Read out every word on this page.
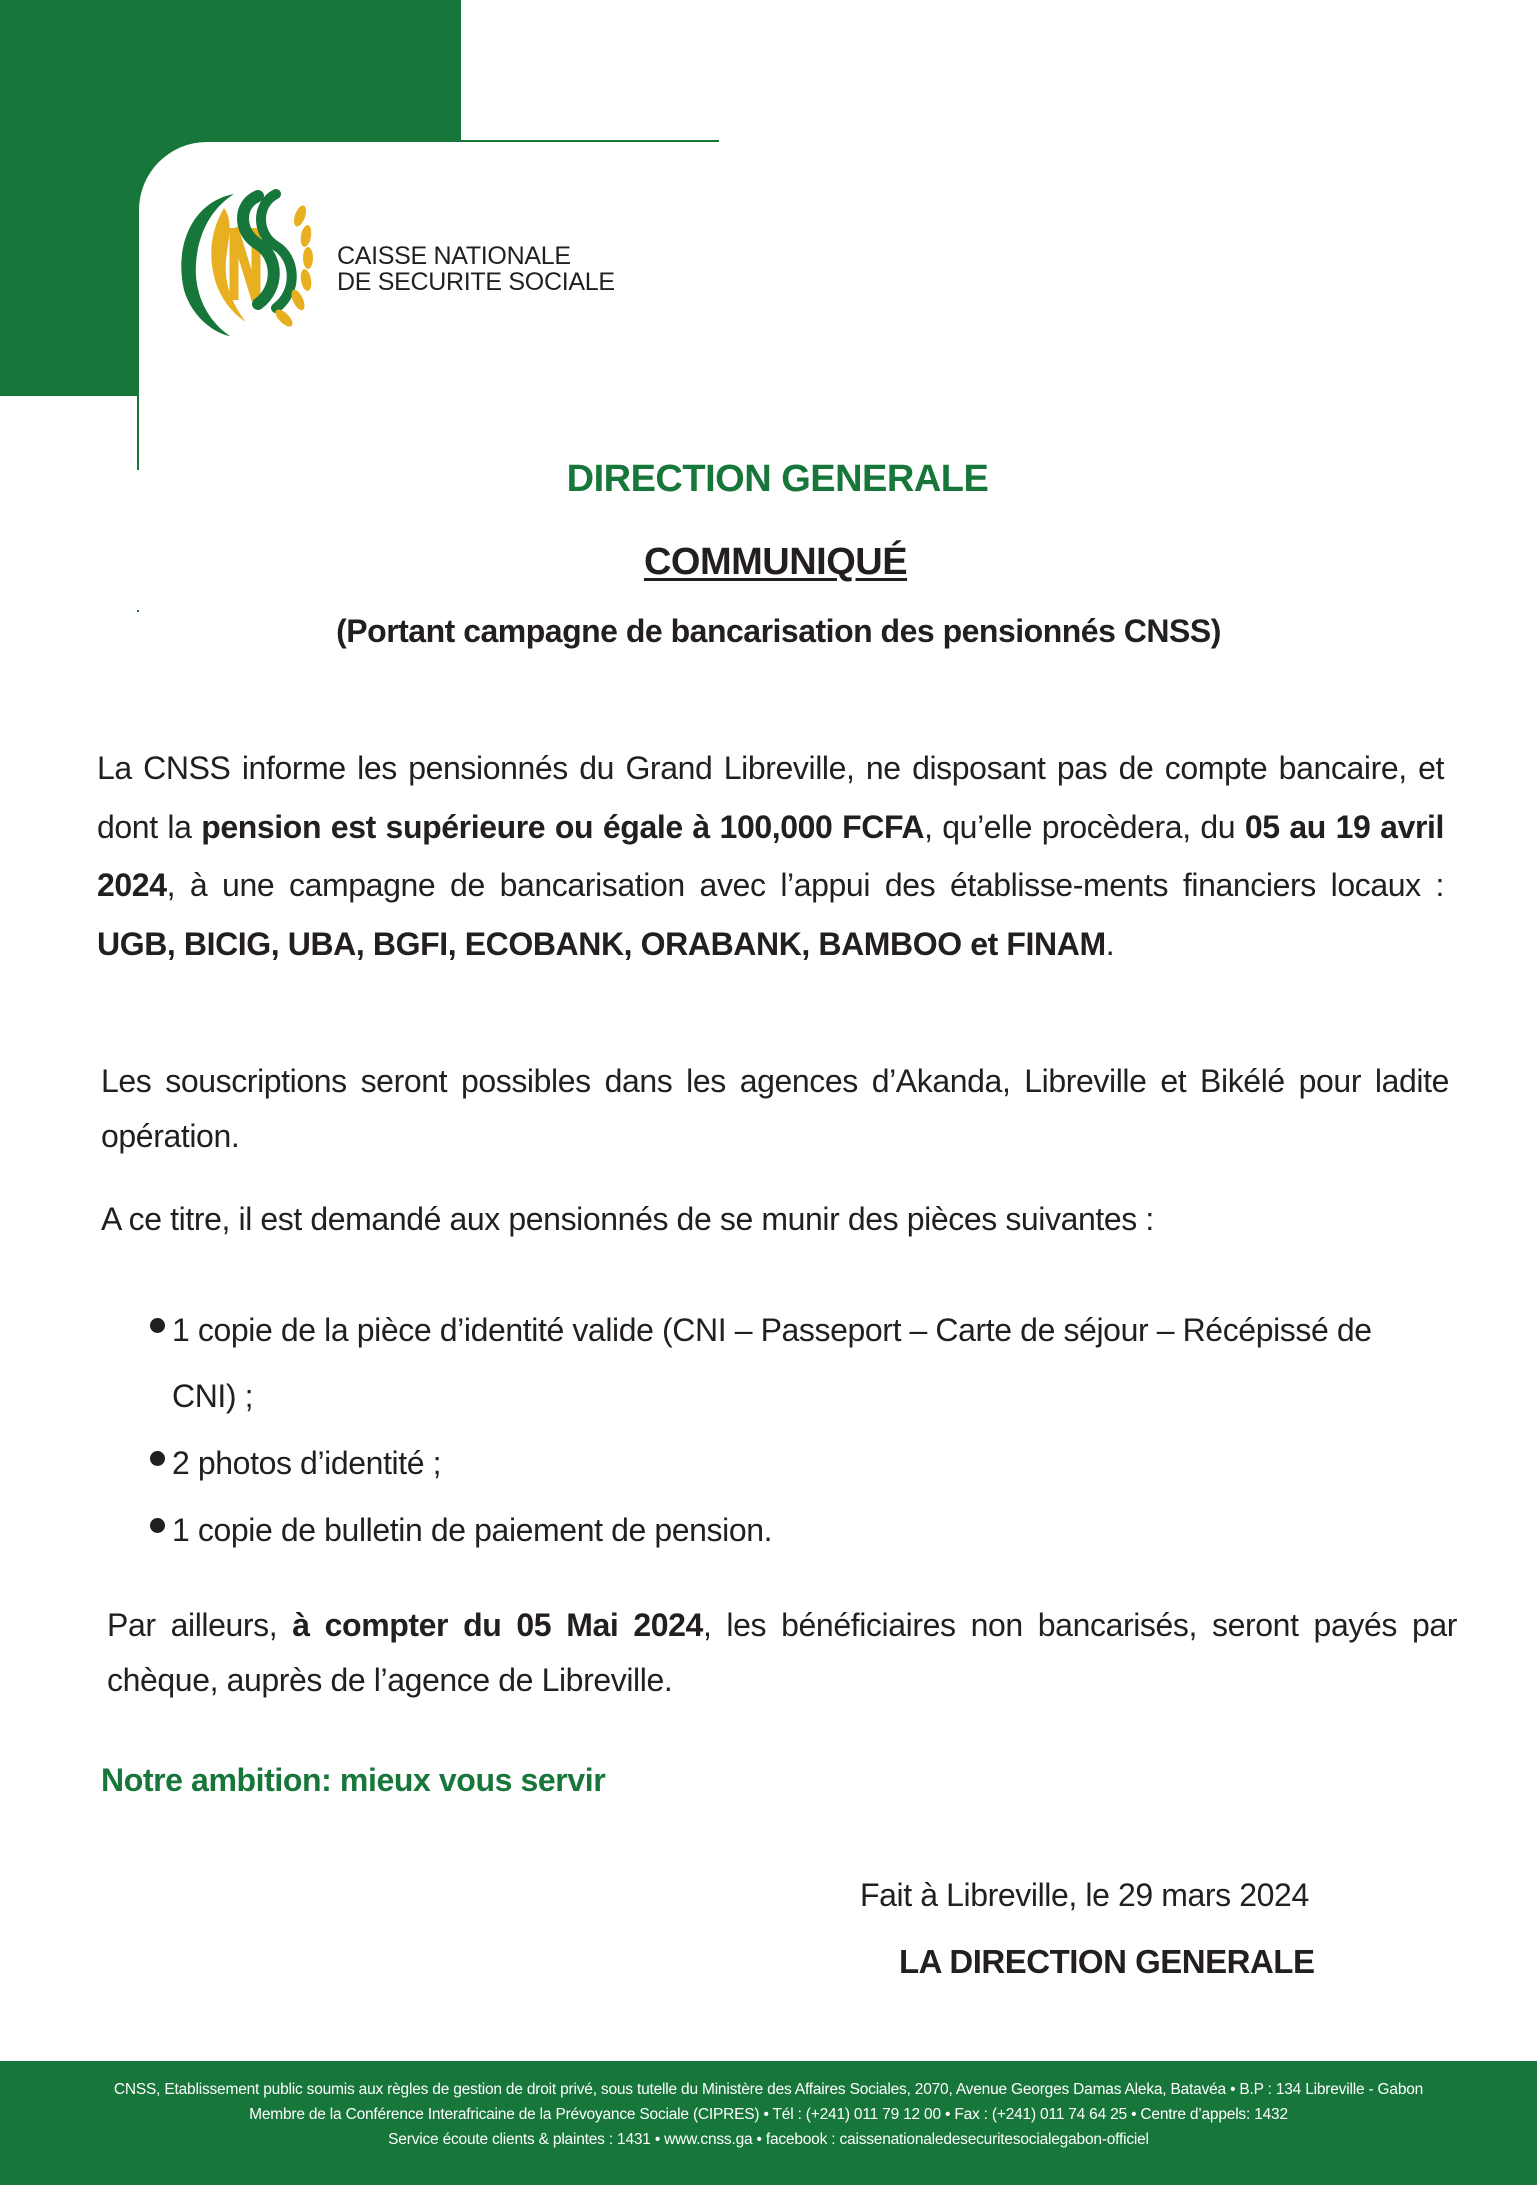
CAISSE NATIONALE
DE SECURITE SOCIALE
DIRECTION GENERALE
COMMUNIQUÉ
(Portant campagne de bancarisation des pensionnés CNSS)
La CNSS informe les pensionnés du Grand Libreville, ne disposant pas de compte bancaire, et dont la pension est supérieure ou égale à 100,000 FCFA, qu’elle procèdera, du 05 au 19 avril 2024, à une campagne de bancarisation avec l’appui des établisse-ments financiers locaux : UGB, BICIG, UBA, BGFI, ECOBANK, ORABANK, BAMBOO et FINAM.
Les souscriptions seront possibles dans les agences d’Akanda, Libreville et Bikélé pour ladite opération.
A ce titre, il est demandé aux pensionnés de se munir des pièces suivantes :
1 copie de la pièce d’identité valide (CNI – Passeport – Carte de séjour – Récépissé de CNI) ;
2 photos d’identité ;
1 copie de bulletin de paiement de pension.
Par ailleurs, à compter du 05 Mai 2024, les bénéficiaires non bancarisés, seront payés par chèque, auprès de l’agence de Libreville.
Notre ambition: mieux vous servir
Fait à Libreville, le 29 mars 2024
LA DIRECTION GENERALE
CNSS, Etablissement public soumis aux règles de gestion de droit privé, sous tutelle du Ministère des Affaires Sociales, 2070, Avenue Georges Damas Aleka, Batavéa • B.P : 134 Libreville - Gabon
Membre de la Conférence Interafricaine de la Prévoyance Sociale (CIPRES) • Tél : (+241) 011 79 12 00 • Fax : (+241) 011 74 64 25 • Centre d’appels: 1432
Service écoute clients & plaintes : 1431 • www.cnss.ga • facebook : caissenationaledesecuritesocialegabon-officiel
